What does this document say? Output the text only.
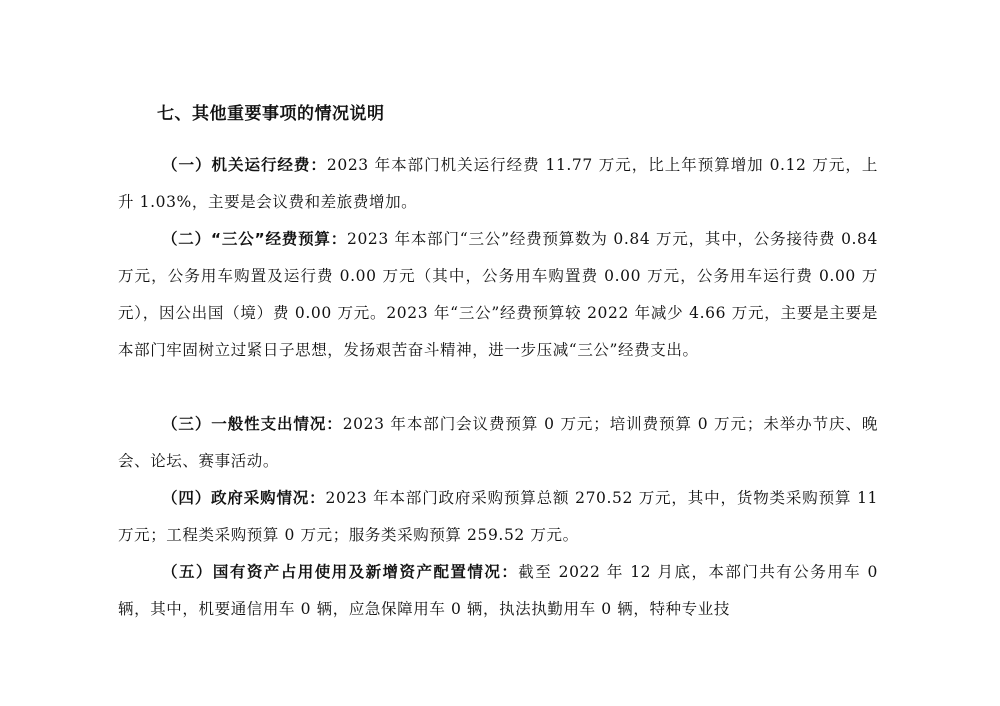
七、其他重要事项的情况说明

（一）机关运行经费：2023 年本部门机关运行经费 11.77 万元，比上年预算增加 0.12 万元，上升 1.03%，主要是会议费和差旅费增加。

（二）“三公”经费预算：2023 年本部门“三公”经费预算数为 0.84 万元，其中，公务接待费 0.84 万元，公务用车购置及运行费 0.00 万元（其中，公务用车购置费 0.00 万元，公务用车运行费 0.00 万元），因公出国（境）费 0.00 万元。2023 年“三公”经费预算较 2022 年减少 4.66 万元，主要是主要是本部门牢固树立过紧日子思想，发扬艰苦奋斗精神，进一步压减“三公”经费支出。

（三）一般性支出情况：2023 年本部门会议费预算 0 万元；培训费预算 0 万元；未举办节庆、晚会、论坛、赛事活动。

（四）政府采购情况：2023 年本部门政府采购预算总额 270.52 万元，其中，货物类采购预算 11 万元；工程类采购预算 0 万元；服务类采购预算 259.52 万元。

（五）国有资产占用使用及新增资产配置情况：截至 2022 年 12 月底，本部门共有公务用车 0 辆，其中，机要通信用车 0 辆，应急保障用车 0 辆，执法执勤用车 0 辆，特种专业技
